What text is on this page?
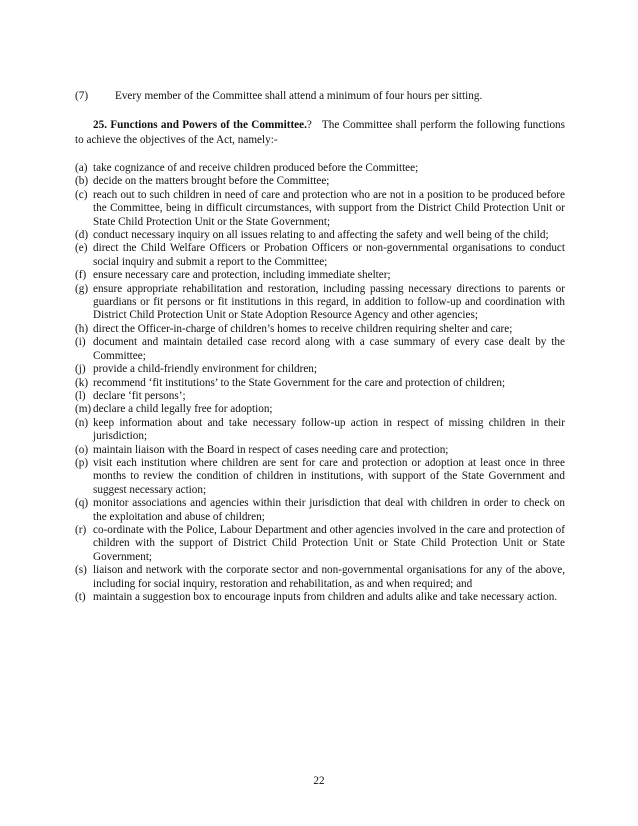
(7) Every member of the Committee shall attend a minimum of four hours per sitting.
25. Functions and Powers of the Committee.? The Committee shall perform the following functions to achieve the objectives of the Act, namely:-
(a) take cognizance of and receive children produced before the Committee;
(b) decide on the matters brought before the Committee;
(c) reach out to such children in need of care and protection who are not in a position to be produced before the Committee, being in difficult circumstances, with support from the District Child Protection Unit or State Child Protection Unit or the State Government;
(d) conduct necessary inquiry on all issues relating to and affecting the safety and well being of the child;
(e) direct the Child Welfare Officers or Probation Officers or non-governmental organisations to conduct social inquiry and submit a report to the Committee;
(f) ensure necessary care and protection, including immediate shelter;
(g) ensure appropriate rehabilitation and restoration, including passing necessary directions to parents or guardians or fit persons or fit institutions in this regard, in addition to follow-up and coordination with District Child Protection Unit or State Adoption Resource Agency and other agencies;
(h) direct the Officer-in-charge of children’s homes to receive children requiring shelter and care;
(i) document and maintain detailed case record along with a case summary of every case dealt by the Committee;
(j) provide a child-friendly environment for children;
(k) recommend ‘fit institutions’ to the State Government for the care and protection of children;
(l) declare ‘fit persons’;
(m) declare a child legally free for adoption;
(n) keep information about and take necessary follow-up action in respect of missing children in their jurisdiction;
(o) maintain liaison with the Board in respect of cases needing care and protection;
(p) visit each institution where children are sent for care and protection or adoption at least once in three months to review the condition of children in institutions, with support of the State Government and suggest necessary action;
(q) monitor associations and agencies within their jurisdiction that deal with children in order to check on the exploitation and abuse of children;
(r) co-ordinate with the Police, Labour Department and other agencies involved in the care and protection of children with the support of District Child Protection Unit or State Child Protection Unit or State Government;
(s) liaison and network with the corporate sector and non-governmental organisations for any of the above, including for social inquiry, restoration and rehabilitation, as and when required; and
(t) maintain a suggestion box to encourage inputs from children and adults alike and take necessary action.
22
